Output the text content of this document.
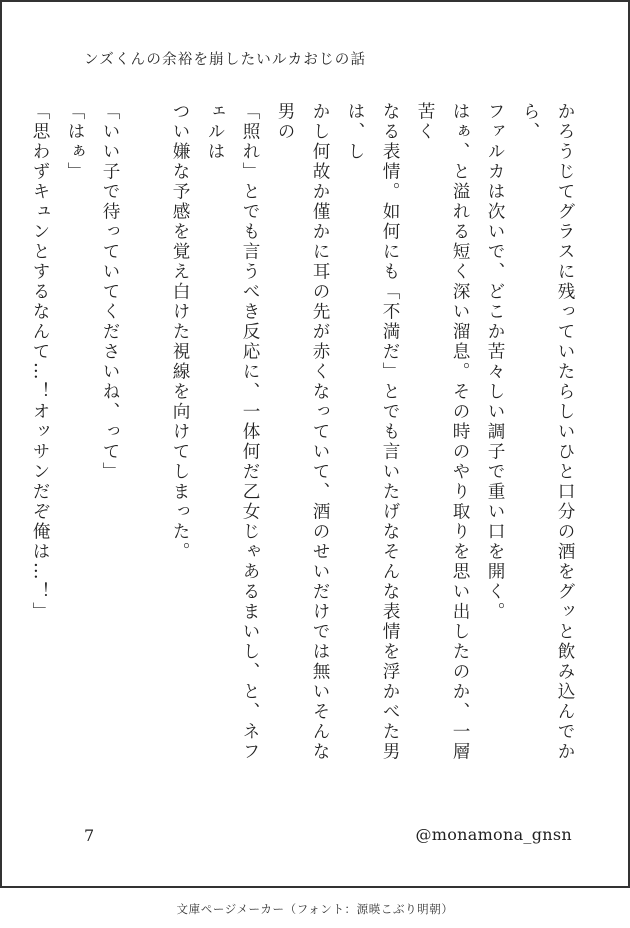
ンズくんの余裕を崩したいルカおじの話

かろうじてグラスに残っていたらしいひと口分の酒をグッと飲み込んでから、

ファルカは次いで、どこか苦々しい調子で重い口を開く。

はぁ、と溢れる短く深い溜息。その時のやり取りを思い出したのか、一層苦く

なる表情。如何にも「不満だ」とでも言いたげなそんな表情を浮かべた男は、し

かし何故か僅かに耳の先が赤くなっていて、酒のせいだけでは無いそんな男の

「照れ」とでも言うべき反応に、一体何だ乙女じゃあるまいし、と、ネフェルは

つい嫌な予感を覚え白けた視線を向けてしまった。

「いい子で待っていてくださいね、って」

「はぁ」

「思わずキュンとするなんて…！オッサンだぞ俺は…！」

7	@monamona_gnsn
文庫ページメーカー（フォント：源暎こぶり明朝）
